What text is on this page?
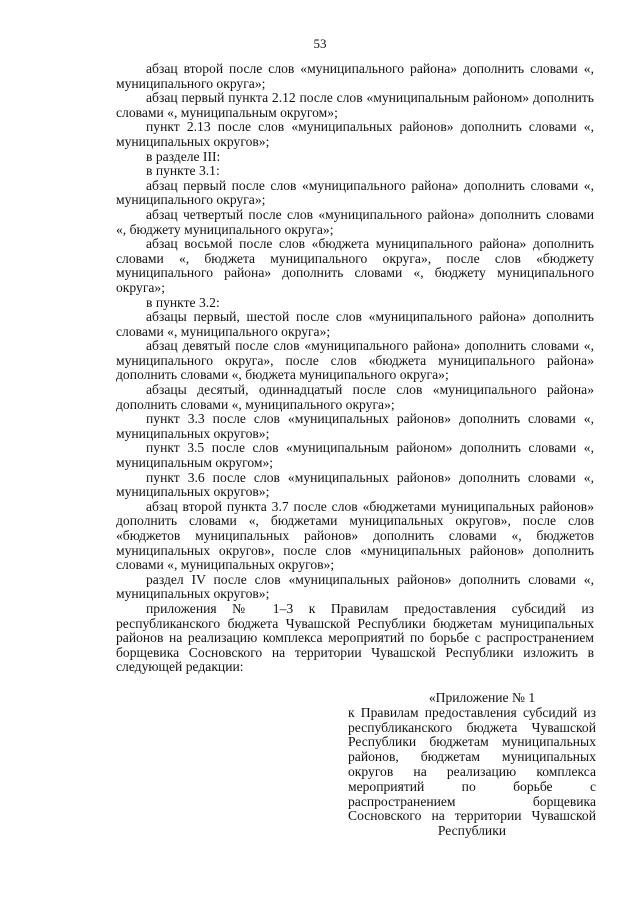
53

абзац второй после слов «муниципального района» дополнить словами «, муниципального округа»;

абзац первый пункта 2.12 после слов «муниципальным районом» дополнить словами «, муниципальным округом»;

пункт 2.13 после слов «муниципальных районов» дополнить словами «, муниципальных округов»;

в разделе III:

в пункте 3.1:

абзац первый после слов «муниципального района» дополнить словами «, муниципального округа»;

абзац четвертый после слов «муниципального района» дополнить словами «, бюджету муниципального округа»;

абзац восьмой после слов «бюджета муниципального района» дополнить словами «, бюджета муниципального округа», после слов «бюджету муниципального района» дополнить словами «, бюджету муниципального округа»;

в пункте 3.2:

абзацы первый, шестой после слов «муниципального района» дополнить словами «, муниципального округа»;

абзац девятый после слов «муниципального района» дополнить словами «, муниципального округа», после слов «бюджета муниципального района» дополнить словами «, бюджета муниципального округа»;

абзацы десятый, одиннадцатый после слов «муниципального района» дополнить словами «, муниципального округа»;

пункт 3.3 после слов «муниципальных районов» дополнить словами «, муниципальных округов»;

пункт 3.5 после слов «муниципальным районом» дополнить словами «, муниципальным округом»;

пункт 3.6 после слов «муниципальных районов» дополнить словами «, муниципальных округов»;

абзац второй пункта 3.7 после слов «бюджетами муниципальных районов» дополнить словами «, бюджетами муниципальных округов», после слов «бюджетов муниципальных районов» дополнить словами «, бюджетов муниципальных округов», после слов «муниципальных районов» дополнить словами «, муниципальных округов»;

раздел IV после слов «муниципальных районов» дополнить словами «, муниципальных округов»;

приложения № 1–3 к Правилам предоставления субсидий из республиканского бюджета Чувашской Республики бюджетам муниципальных районов на реализацию комплекса мероприятий по борьбе с распространением борщевика Сосновского на территории Чувашской Республики изложить в следующей редакции:

«Приложение № 1
к Правилам предоставления субсидий из республиканского бюджета Чувашской Республики бюджетам муниципальных районов, бюджетам муниципальных округов на реализацию комплекса мероприятий по борьбе с распространением борщевика Сосновского на территории Чувашской Республики
